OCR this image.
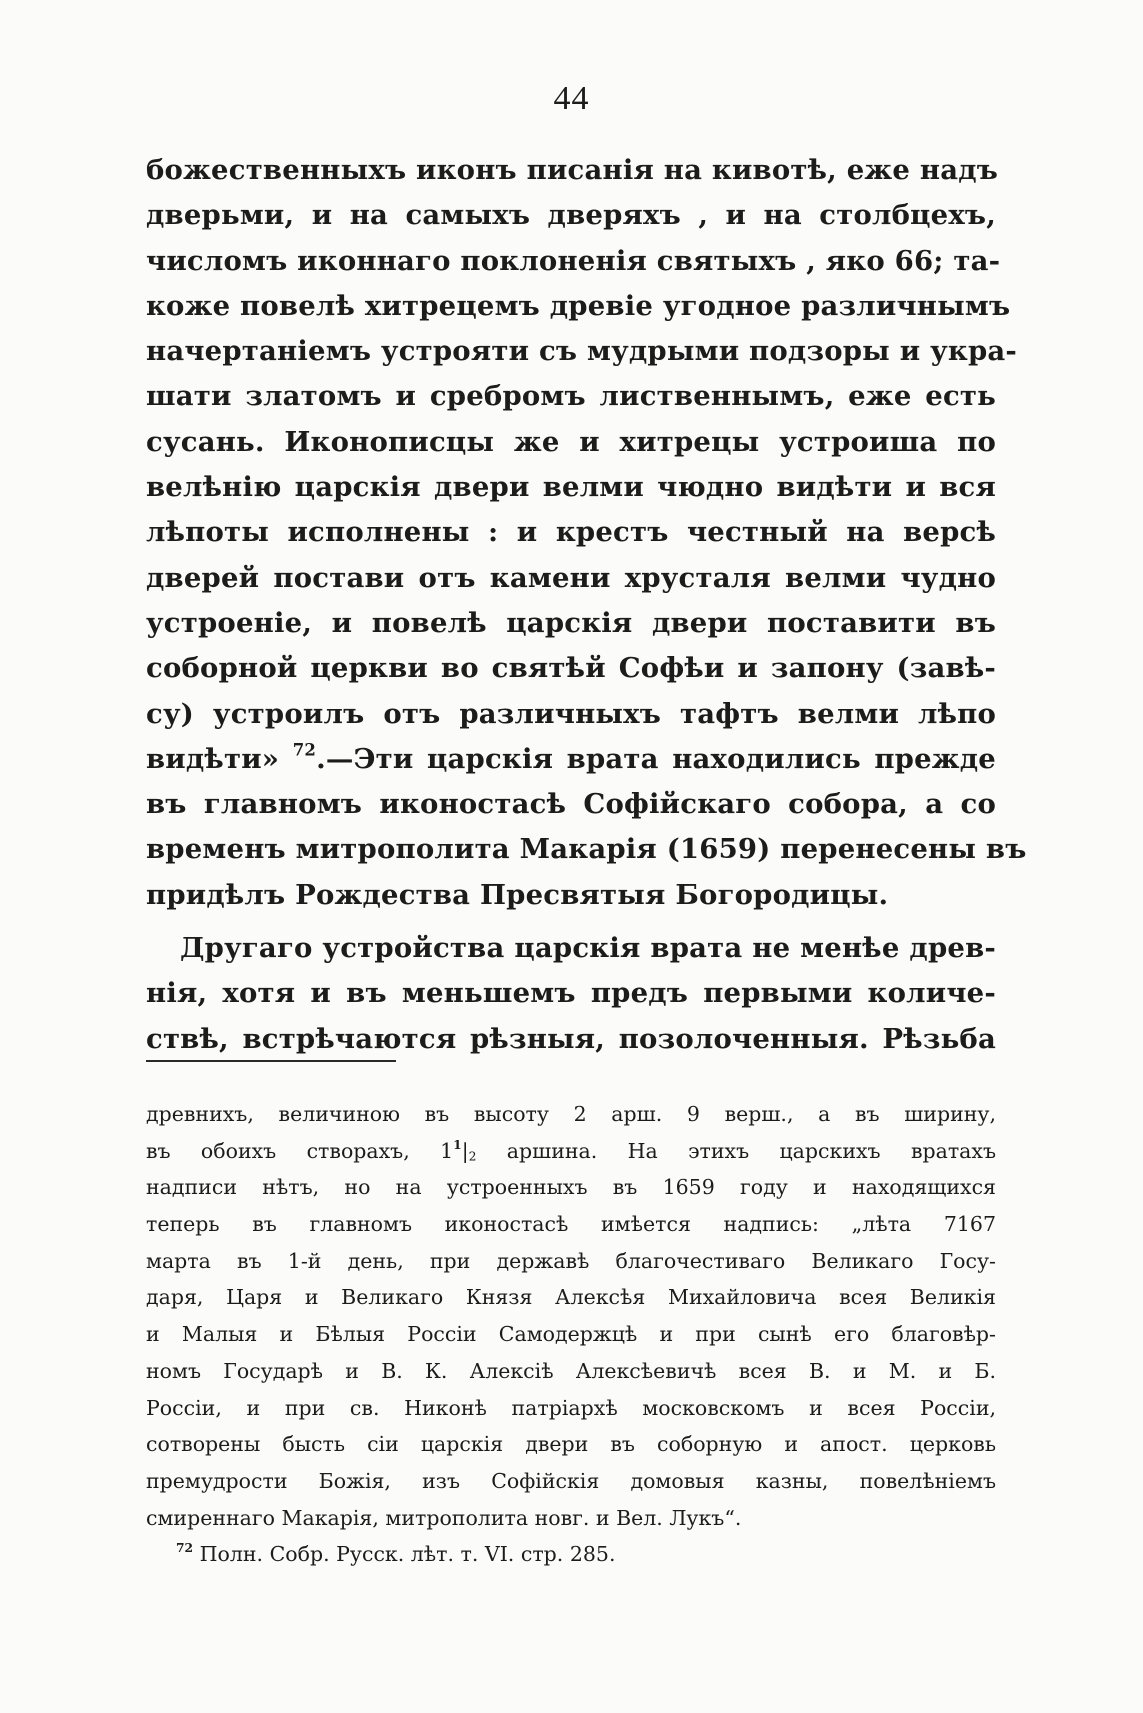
44
божественныхъ иконъ писанія на кивотѣ, еже надъ
дверьми, и на самыхъ дверяхъ , и на столбцехъ,
числомъ иконнаго поклоненія святыхъ , яко 66; та-
коже повелѣ хитрецемъ древіе угодное различнымъ
начертаніемъ устрояти съ мудрыми подзоры и укра-
шати златомъ и сребромъ лиственнымъ, еже есть
сусань. Иконописцы же и хитрецы устроиша по
велѣнію царскія двери велми чюдно видѣти и вся
лѣпоты исполнены : и крестъ честный на версѣ
дверей постави отъ камени хрусталя велми чудно
устроеніе, и повелѣ царскія двери поставити въ
соборной церкви во святѣй Софѣи и запону (завѣ-
су) устроилъ отъ различныхъ тафтъ велми лѣпо
видѣти» $^{72}$.—Эти царскія врата находились прежде
въ главномъ иконостасѣ Софійскаго собора, а со
временъ митрополита Макарія (1659) перенесены въ
придѣлъ Рождества Пресвятыя Богородицы.
Другаго устройства царскія врата не менѣе древ-
нія, хотя и въ меньшемъ предъ первыми количе-
ствѣ, встрѣчаются рѣзныя, позолоченныя. Рѣзьба
древнихъ, величиною въ высоту 2 арш. 9 верш., а въ ширину,
въ обоихъ створахъ, $1^1|_2$ аршина. На этихъ царскихъ вратахъ
надписи нѣтъ, но на устроенныхъ въ 1659 году и находящихся
теперь въ главномъ иконостасѣ имѣется надпись: „лѣта 7167
марта въ 1-й день, при державѣ благочестиваго Великаго Госу-
даря, Царя и Великаго Князя Алексѣя Михайловича всея Великія
и Малыя и Бѣлыя Россіи Самодержцѣ и при сынѣ его благовѣр-
номъ Государѣ и В. К. Алексіѣ Алексѣевичѣ всея В. и М. и Б.
Россіи, и при св. Никонѣ патріархѣ московскомъ и всея Россіи,
сотворены бысть сіи царскія двери въ соборную и апост. церковь
премудрости Божія, изъ Софійскія домовыя казны, повелѣніемъ
смиреннаго Макарія, митрополита новг. и Вел. Лукъ“.
$^{72}$ Полн. Собр. Русск. лѣт. т. VI. стр. 285.
